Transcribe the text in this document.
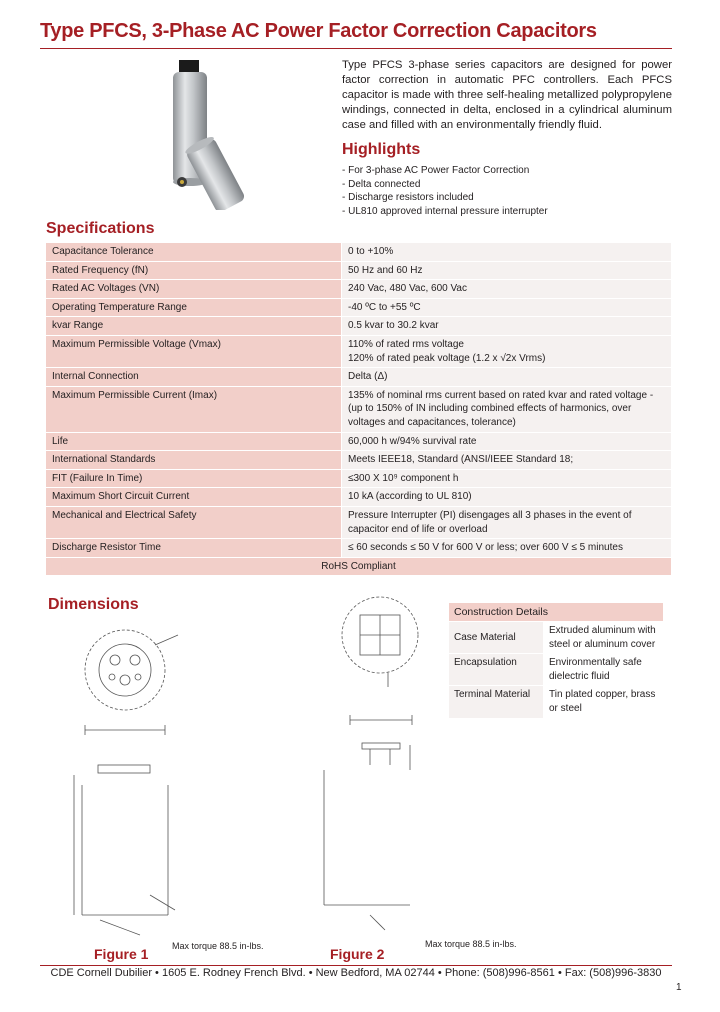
Type PFCS, 3-Phase AC Power Factor Correction Capacitors

Type PFCS 3-phase series capacitors are designed for power factor correction in automatic PFC controllers. Each PFCS capacitor is made with three self-healing metallized polypropylene windings, connected in delta, enclosed in a cylindrical aluminum case and filled with an environmentally friendly fluid.

Highlights
- For 3-phase AC Power Factor Correction
- Delta connected
- Discharge resistors included
- UL810 approved internal pressure interrupter
Specifications
Capacitance Tolerance	0 to +10%
Rated Frequency (fN)	50 Hz and 60 Hz
Rated AC Voltages (VN)	240 Vac, 480 Vac, 600 Vac
Operating Temperature Range	-40 ºC to +55 ºC
kvar Range	0.5 kvar to 30.2 kvar
Maximum Permissible Voltage (Vmax)	110% of rated rms voltage
120% of rated peak voltage (1.2 x √2x Vrms)
Internal Connection	Delta (Δ)
Maximum Permissible Current (Imax)	135% of nominal rms current based on rated kvar and rated voltage - (up to 150% of IN including combined effects of harmonics, over voltages and capacitances, tolerance)
Life	60,000 h w/94% survival rate
International Standards	Meets IEEE18, Standard (ANSI/IEEE Standard 18;
FIT (Failure In Time)	≤300 X 10⁹ component h
Maximum Short Circuit Current	10 kA (according to UL 810)
Mechanical and Electrical Safety	Pressure Interrupter (PI) disengages all 3 phases in the event of capacitor end of life or overload
Discharge Resistor Time	≤ 60 seconds ≤ 50 V for 600 V or less; over 600 V ≤ 5 minutes
RoHS Compliant	
Dimensions
Figure 1	Max torque 88.5 in-lbs.	Figure 2
Max torque 88.5 in-lbs.
Construction Details	
Case Material	Extruded aluminum with steel or aluminum cover
Encapsulation	Environmentally safe dielectric fluid
Terminal Material	Tin plated copper, brass or steel
CDE Cornell Dubilier • 1605 E. Rodney French Blvd. • New Bedford, MA 02744 • Phone: (508)996-8561 • Fax: (508)996-3830
1
